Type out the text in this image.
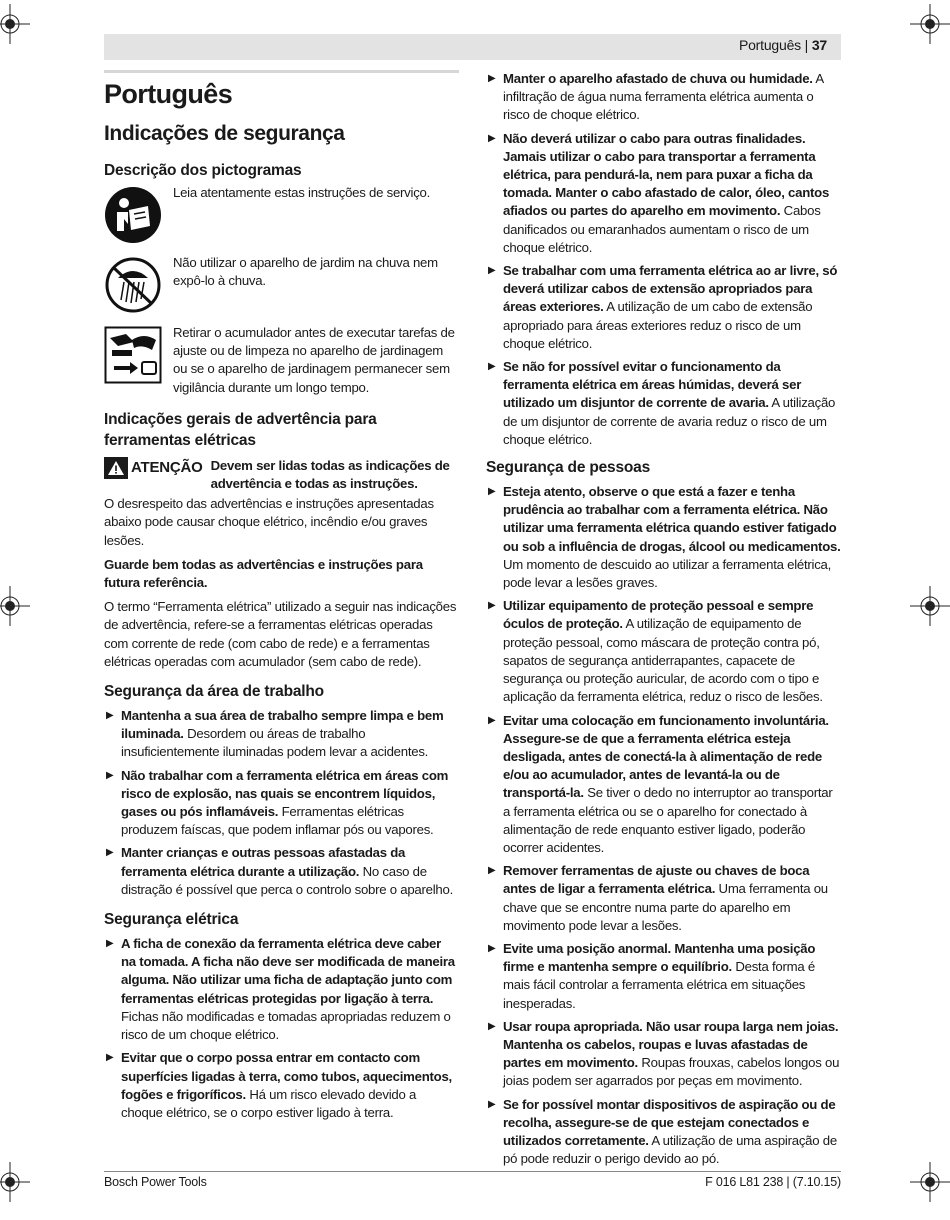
Português | 37
Português
Indicações de segurança
Descrição dos pictogramas
Leia atentamente estas instruções de serviço.
Não utilizar o aparelho de jardim na chuva nem expô-lo à chuva.
Retirar o acumulador antes de executar tarefas de ajuste ou de limpeza no aparelho de jardinagem ou se o aparelho de jardinagem permanecer sem vigilância durante um longo tempo.
Indicações gerais de advertência para ferramentas elétricas
ATENÇÃO Devem ser lidas todas as indicações de advertência e todas as instruções.

O desrespeito das advertências e instruções apresentadas abaixo pode causar choque elétrico, incêndio e/ou graves lesões.

Guarde bem todas as advertências e instruções para futura referência.

O termo “Ferramenta elétrica” utilizado a seguir nas indicações de advertência, refere-se a ferramentas elétricas operadas com corrente de rede (com cabo de rede) e a ferramentas elétricas operadas com acumulador (sem cabo de rede).

Segurança da área de trabalho
▶ Mantenha a sua área de trabalho sempre limpa e bem iluminada. Desordem ou áreas de trabalho insuficientemente iluminadas podem levar a acidentes.
▶ Não trabalhar com a ferramenta elétrica em áreas com risco de explosão, nas quais se encontrem líquidos, gases ou pós inflamáveis. Ferramentas elétricas produzem faíscas, que podem inflamar pós ou vapores.
▶ Manter crianças e outras pessoas afastadas da ferramenta elétrica durante a utilização. No caso de distração é possível que perca o controlo sobre o aparelho.
Segurança elétrica
▶ A ficha de conexão da ferramenta elétrica deve caber na tomada. A ficha não deve ser modificada de maneira alguma. Não utilizar uma ficha de adaptação junto com ferramentas elétricas protegidas por ligação à terra. Fichas não modificadas e tomadas apropriadas reduzem o risco de um choque elétrico.
▶ Evitar que o corpo possa entrar em contacto com superfícies ligadas à terra, como tubos, aquecimentos, fogões e frigoríficos. Há um risco elevado devido a choque elétrico, se o corpo estiver ligado à terra.
▶ Manter o aparelho afastado de chuva ou humidade. A infiltração de água numa ferramenta elétrica aumenta o risco de choque elétrico.
▶ Não deverá utilizar o cabo para outras finalidades. Jamais utilizar o cabo para transportar a ferramenta elétrica, para pendurá-la, nem para puxar a ficha da tomada. Manter o cabo afastado de calor, óleo, cantos afiados ou partes do aparelho em movimento. Cabos danificados ou emaranhados aumentam o risco de um choque elétrico.
▶ Se trabalhar com uma ferramenta elétrica ao ar livre, só deverá utilizar cabos de extensão apropriados para áreas exteriores. A utilização de um cabo de extensão apropriado para áreas exteriores reduz o risco de um choque elétrico.
▶ Se não for possível evitar o funcionamento da ferramenta elétrica em áreas húmidas, deverá ser utilizado um disjuntor de corrente de avaria. A utilização de um disjuntor de corrente de avaria reduz o risco de um choque elétrico.
Segurança de pessoas
▶ Esteja atento, observe o que está a fazer e tenha prudência ao trabalhar com a ferramenta elétrica. Não utilizar uma ferramenta elétrica quando estiver fatigado ou sob a influência de drogas, álcool ou medicamentos. Um momento de descuido ao utilizar a ferramenta elétrica, pode levar a lesões graves.
▶ Utilizar equipamento de proteção pessoal e sempre óculos de proteção. A utilização de equipamento de proteção pessoal, como máscara de proteção contra pó, sapatos de segurança antiderrapantes, capacete de segurança ou proteção auricular, de acordo com o tipo e aplicação da ferramenta elétrica, reduz o risco de lesões.
▶ Evitar uma colocação em funcionamento involuntária. Assegure-se de que a ferramenta elétrica esteja desligada, antes de conectá-la à alimentação de rede e/ou ao acumulador, antes de levantá-la ou de transportá-la. Se tiver o dedo no interruptor ao transportar a ferramenta elétrica ou se o aparelho for conectado à alimentação de rede enquanto estiver ligado, poderão ocorrer acidentes.
▶ Remover ferramentas de ajuste ou chaves de boca antes de ligar a ferramenta elétrica. Uma ferramenta ou chave que se encontre numa parte do aparelho em movimento pode levar a lesões.
▶ Evite uma posição anormal. Mantenha uma posição firme e mantenha sempre o equilíbrio. Desta forma é mais fácil controlar a ferramenta elétrica em situações inesperadas.
▶ Usar roupa apropriada. Não usar roupa larga nem joias. Mantenha os cabelos, roupas e luvas afastadas de partes em movimento. Roupas frouxas, cabelos longos ou joias podem ser agarrados por peças em movimento.
▶ Se for possível montar dispositivos de aspiração ou de recolha, assegure-se de que estejam conectados e utilizados corretamente. A utilização de uma aspiração de pó pode reduzir o perigo devido ao pó.
Bosch Power Tools	F 016 L81 238 | (7.10.15)
